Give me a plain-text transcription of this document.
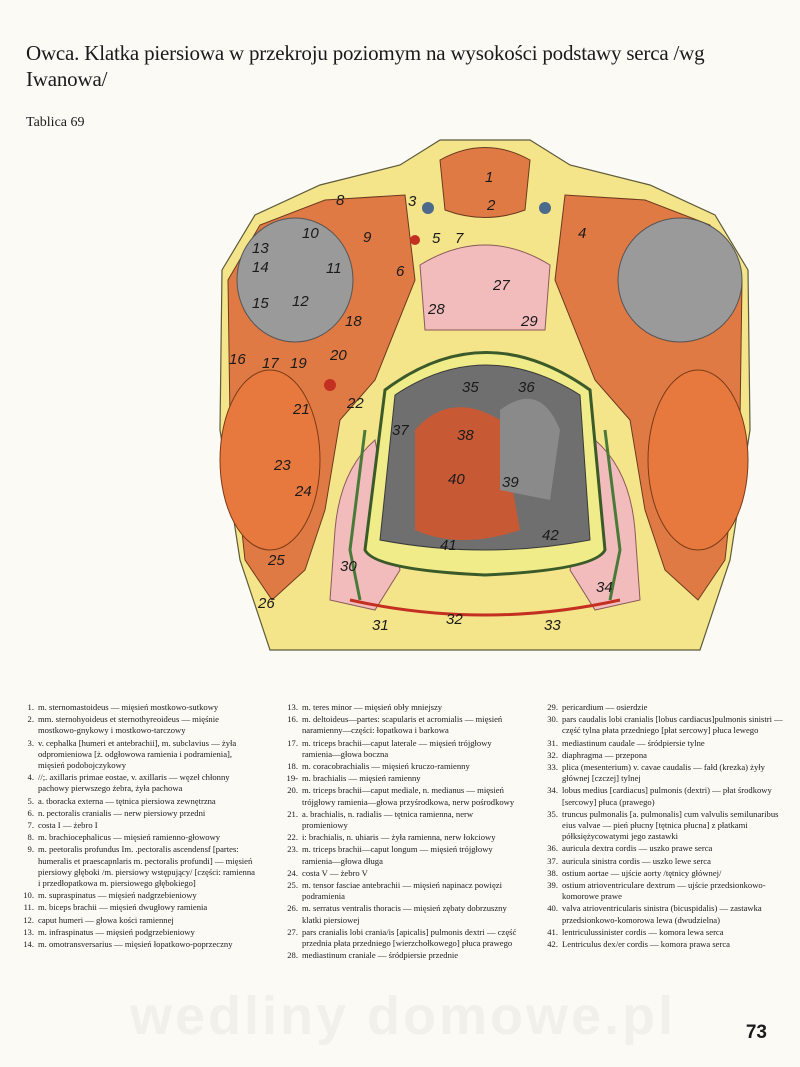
Owca. Klatka piersiowa w przekroju poziomym na wysokości podstawy serca /wg Iwanowa/
Tablica 69
1
2
3
4
5
6
7
8
9
10
11
12
13
14
15
16 17 19
18
20
21 22
23
24
25
26
27
28
29
30
31	32	33
34
35	36
37	38
39
40
41
42
1. m. sternomastoideus — mięsień mostkowo-sutkowy
2. mm. sternohyoideus et sternothyreoideus — mięśnie mostkowo-gnykowy i mostkowo-tarczowy
3. v. cephalka [humeri et antebrachii], m. subclavius — żyła odpromieniowa [ż. odgłowowa ramienia i podramienia], mięsień podobojczykowy
4. //;. axillaris primae eostae, v. axillaris — węzeł chłonny pachowy pierwszego żebra, żyła pachowa
5. a. tboracka externa — tętnica piersiowa zewnętrzna
6. n. pectoralis cranialis — nerw piersiowy przedni
7. costa I — żebro I
8. m. brachiocephalicus — mięsień ramienno-głowowy
9. m. peetoralis profundus Im. .pectoralis ascendensf [partes: humeralis et praescapnlaris m. pectoralis profundi] — mięsień piersiowy głęboki /m. piersiowy wstępujący/ [części: ramienna i przedłopatkowa m. piersiowego głębokiego]
10. m. supraspinatus — mięsień nadgrzebieniowy
11. m. biceps brachii — mięsień dwugłowy ramienia
12. caput humeri — głowa kości ramiennej
13. m. infraspinatus — mięsień podgrzebieniowy
14. m. omotransversarius — mięsień łopatkowo-poprzeczny
13. m. teres minor — mięsień obły mniejszy
16. m. deltoideus—partes: scapularis et acromialis — mięsień naramienny—części: łopatkowa i barkowa
17. m. triceps brachii—caput laterale — mięsień trójgłowy ramienia—głowa boczna
18. m. coracobrachialis — mięsień kruczo-ramienny
19- m. brachialis — mięsień ramienny
20. m. triceps brachii—caput mediale, n. medianus — mięsień trójgłowy ramienia—głowa przyśrodkowa, nerw pośrodkowy
21. a. brachialis, n. radialis — tętnica ramienna, nerw promieniowy
22. i: brachialis, n. uhiaris — żyła ramienna, nerw łokciowy
23. m. triceps brachii—caput longum — mięsień trójgłowy ramienia—głowa długa
24. costa V — żebro V
25. m. tensor fasciae antebrachii — mięsień napinacz powięzi podramienia
26. m. serratus ventralis thoracis — mięsień zębaty dobrzuszny klatki piersiowej
27. pars cranialis lobi crania/is [apicalis] pulmonis dextri — część przednia płata przedniego [wierzchołkowego] płuca prawego
28. mediastinum craniale — śródpiersie przednie
29. pericardium — osierdzie
30. pars caudalis lobi cranialis [lobus cardiacus]pulmonis sinistri — część tylna płata przedniego [płat sercowy] płuca lewego
31. mediastinum caudale — śródpiersie tylne
32. diaphragma — przepona
33. plica (mesenterium) v. cavae caudalis — fałd (krezka) żyły głównej [czczej] tylnej
34. lobus medius [cardiacus] pulmonis (dextri) — płat środkowy [sercowy] płuca (prawego)
35. truncus pulmonalis [a. pulmonalis] cum valvulis semilunaribus eius valvae — pień płucny [tętnica płucna] z płatkami półksiężycowatymi jego zastawki
36. auricula dextra cordis — uszko prawe serca
37. auricula sinistra cordis — uszko lewe serca
38. ostium aortae — ujście aorty /tętnicy głównej/
39. ostium atrioventriculare dextrum — ujście przedsionkowo-komorowe prawe
40. valva atrioventricularis sinistra (bicuspidalis) — zastawka przedsionkowo-komorowa lewa (dwudzielna)
41. lentriculussinister cordis — komora lewa serca
42. Lentriculus dex/er cordis — komora prawa serca
wedliny domowe.pl	73
